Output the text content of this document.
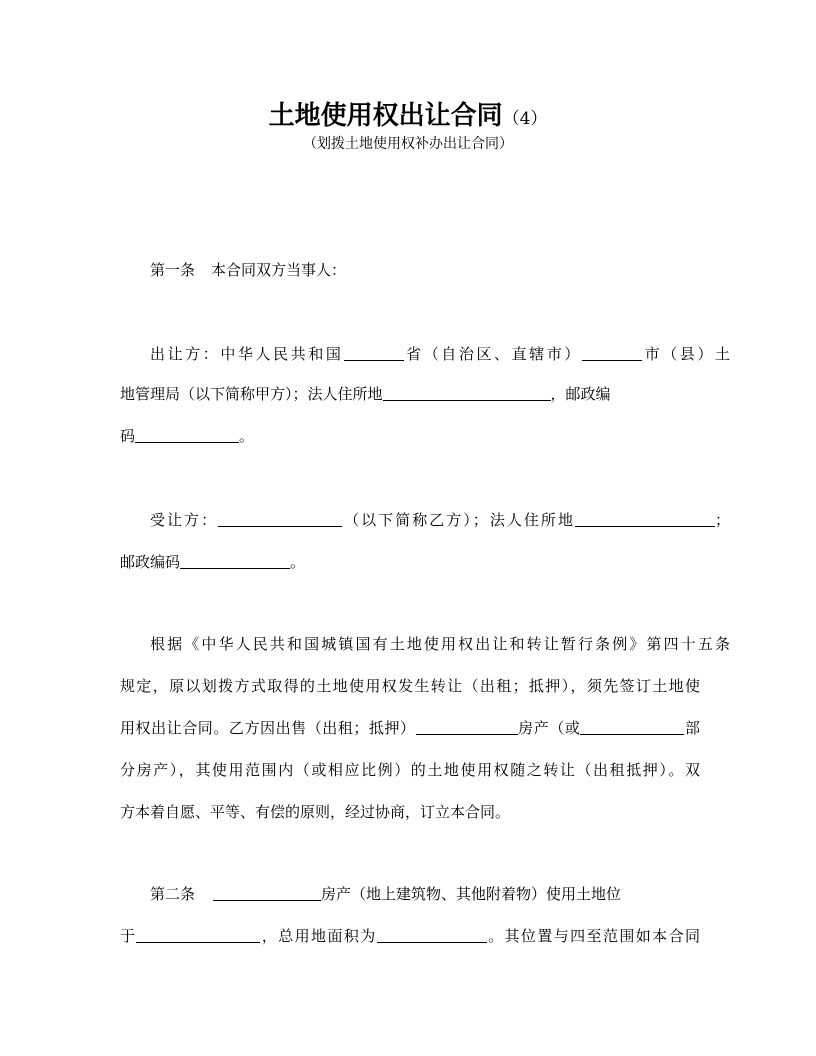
土地使用权出让合同（4）
（划拨土地使用权补办出让合同）
第一条 本合同双方当事人：
出让方：中华人民共和国	省（自治区、直辖市）	市（县）土
地管理局（以下简称甲方）；法人住所地	，邮政编
码	。
受让方：	（以下简称乙方）；法人住所地	；
邮政编码	。
根据《中华人民共和国城镇国有土地使用权出让和转让暂行条例》第四十五条
规定，原以划拨方式取得的土地使用权发生转让（出租；抵押），须先签订土地使
用权出让合同。乙方因出售（出租；抵押）	房产（或	部
分房产），其使用范围内（或相应比例）的土地使用权随之转让（出租抵押）。双
方本着自愿、平等、有偿的原则，经过协商，订立本合同。
第二条	房产（地上建筑物、其他附着物）使用土地位
于	，总用地面积为	。其位置与四至范围如本合同
